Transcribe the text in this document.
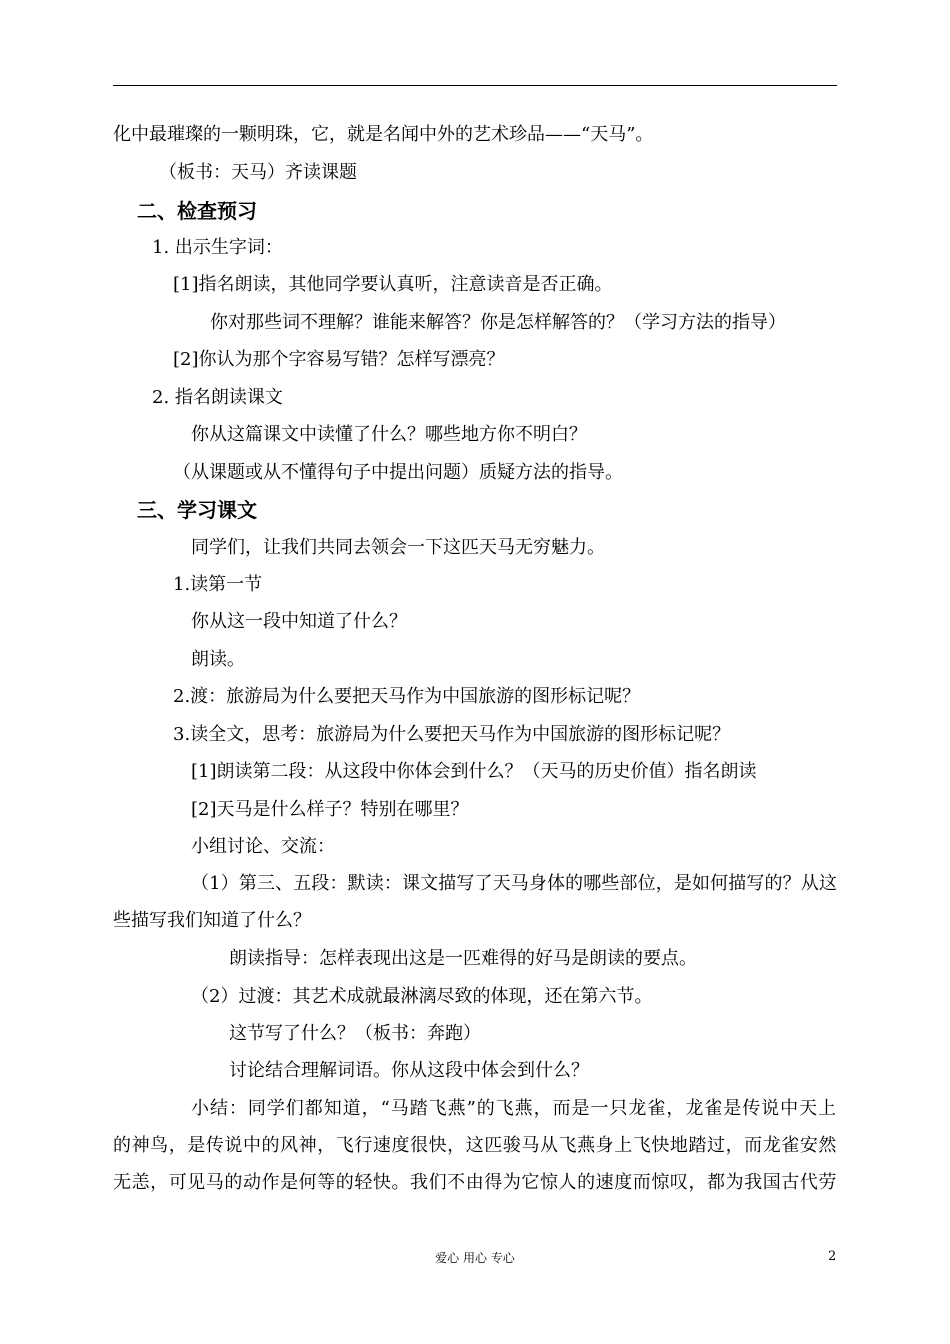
化中最璀璨的一颗明珠，它，就是名闻中外的艺术珍品——“天马”。
（板书：天马）齐读课题
二、检查预习
1. 出示生字词：
[1]指名朗读，其他同学要认真听，注意读音是否正确。
你对那些词不理解？谁能来解答？你是怎样解答的？（学习方法的指导）
[2]你认为那个字容易写错？怎样写漂亮？
2. 指名朗读课文
你从这篇课文中读懂了什么？哪些地方你不明白？
（从课题或从不懂得句子中提出问题）质疑方法的指导。
三、学习课文
同学们，让我们共同去领会一下这匹天马无穷魅力。
1.读第一节
你从这一段中知道了什么？
朗读。
2.渡：旅游局为什么要把天马作为中国旅游的图形标记呢？
3.读全文，思考：旅游局为什么要把天马作为中国旅游的图形标记呢？
[1]朗读第二段：从这段中你体会到什么？（天马的历史价值）指名朗读
[2]天马是什么样子？特别在哪里？
小组讨论、交流：
（1）第三、五段：默读：课文描写了天马身体的哪些部位，是如何描写的？从这
些描写我们知道了什么？
朗读指导：怎样表现出这是一匹难得的好马是朗读的要点。
（2）过渡：其艺术成就最淋漓尽致的体现，还在第六节。
这节写了什么？（板书：奔跑）
讨论结合理解词语。你从这段中体会到什么？
小结：同学们都知道，“马踏飞燕”的飞燕，而是一只龙雀，龙雀是传说中天上
的神鸟，是传说中的风神，飞行速度很快，这匹骏马从飞燕身上飞快地踏过，而龙雀安然
无恙，可见马的动作是何等的轻快。我们不由得为它惊人的速度而惊叹，都为我国古代劳
爱心 用心 专心	2
